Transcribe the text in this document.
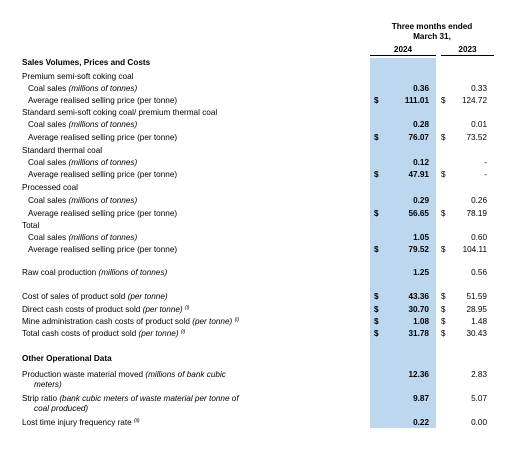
Three months ended
March 31,
2024	2023
Sales Volumes, Prices and Costs
Premium semi-soft coking coal
Coal sales (millions of tonnes)	0.36	0.33
Average realised selling price (per tonne)	$	111.01 $ 124.72
Standard semi-soft coking coal/ premium thermal coal
Coal sales (millions of tonnes)	0.28	0.01
Average realised selling price (per tonne)	$	76.07 $	73.52
Standard thermal coal
Coal sales (millions of tonnes)	0.12	-
Average realised selling price (per tonne)	$	47.91 $	-
Processed coal
Coal sales (millions of tonnes)	0.29	0.26
Average realised selling price (per tonne)	$	56.65 $	78.19
Total
Coal sales (millions of tonnes)	1.05	0.60
Average realised selling price (per tonne)	$	79.52 $ 104.11
Raw coal production (millions of tonnes)	1.25	0.56
Cost of sales of product sold (per tonne)	$	43.36 $	51.59
Direct cash costs of product sold (per tonne) $^{(i)}$	$	30.70 $	28.95
Mine administration cash costs of product sold (per tonne) $^{(i)}$	$	1.08 $	1.48
Total cash costs of product sold (per tonne) $^{(i)}$	$	31.78 $	30.43
Other Operational Data
Production waste material moved (millions of bank cubic	12.36	2.83
meters)
Strip ratio (bank cubic meters of waste material per tonne of	9.87	5.07
coal produced)
Lost time injury frequency rate $^{(ii)}$	0.22	0.00
